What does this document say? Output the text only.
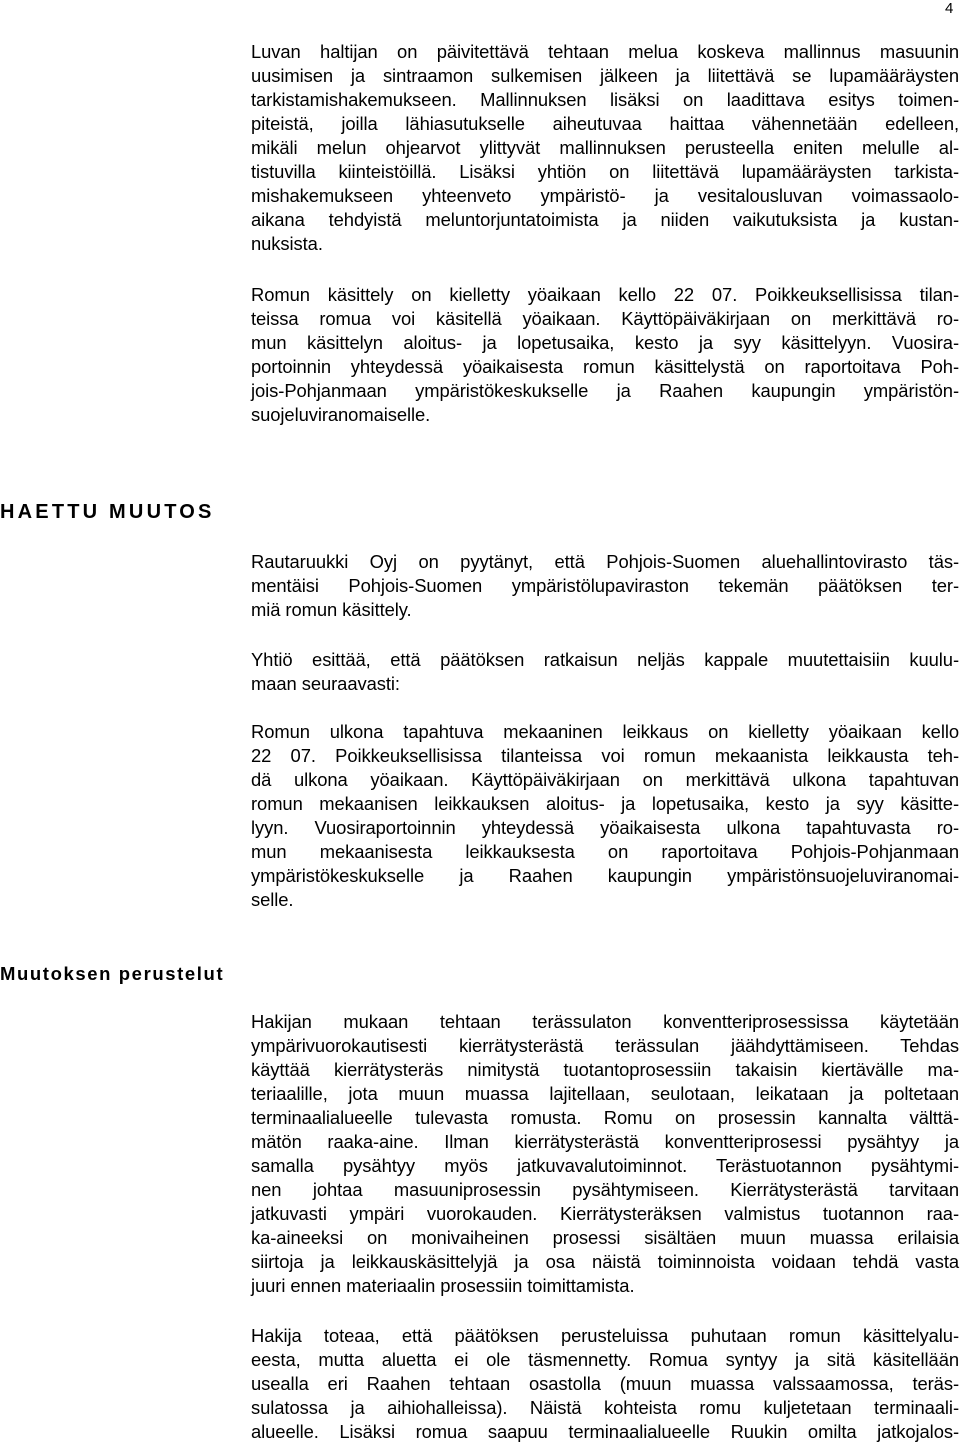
4
Luvan haltijan on päivitettävä tehtaan melua koskeva mallinnus masuunin
uusimisen ja sintraamon sulkemisen jälkeen ja liitettävä se lupamääräysten
tarkistamishakemukseen. Mallinnuksen lisäksi on laadittava esitys toimen-
piteistä, joilla lähiasutukselle aiheutuvaa haittaa vähennetään edelleen,
mikäli melun ohjearvot ylittyvät mallinnuksen perusteella eniten melulle al-
tistuvilla kiinteistöillä. Lisäksi yhtiön on liitettävä lupamääräysten tarkista-
mishakemukseen yhteenveto ympäristö- ja vesitalousluvan voimassaolo-
aikana tehdyistä meluntorjuntatoimista ja niiden vaikutuksista ja kustan-
nuksista.
Romun käsittely on kielletty yöaikaan kello 22 07. Poikkeuksellisissa tilan-
teissa romua voi käsitellä yöaikaan. Käyttöpäiväkirjaan on merkittävä ro-
mun käsittelyn aloitus- ja lopetusaika, kesto ja syy käsittelyyn. Vuosira-
portoinnin yhteydessä yöaikaisesta romun käsittelystä on raportoitava Poh-
jois-Pohjanmaan ympäristökeskukselle ja Raahen kaupungin ympäristön-
suojeluviranomaiselle.
HAETTU MUUTOS
Rautaruukki Oyj on pyytänyt, että Pohjois-Suomen aluehallintovirasto täs-
mentäisi Pohjois-Suomen ympäristölupaviraston tekemän päätöksen ter-
miä romun käsittely.
Yhtiö esittää, että päätöksen ratkaisun neljäs kappale muutettaisiin kuulu-
maan seuraavasti:
Romun ulkona tapahtuva mekaaninen leikkaus on kielletty yöaikaan kello
22 07. Poikkeuksellisissa tilanteissa voi romun mekaanista leikkausta teh-
dä ulkona yöaikaan. Käyttöpäiväkirjaan on merkittävä ulkona tapahtuvan
romun mekaanisen leikkauksen aloitus- ja lopetusaika, kesto ja syy käsitte-
lyyn. Vuosiraportoinnin yhteydessä yöaikaisesta ulkona tapahtuvasta ro-
mun mekaanisesta leikkauksesta on raportoitava Pohjois-Pohjanmaan
ympäristökeskukselle ja Raahen kaupungin ympäristönsuojeluviranomai-
selle.
Muutoksen perustelut
Hakijan mukaan tehtaan terässulaton konventteriprosessissa käytetään
ympärivuorokautisesti kierrätysterästä terässulan jäähdyttämiseen. Tehdas
käyttää kierrätysteräs nimitystä tuotantoprosessiin takaisin kiertävälle ma-
teriaalille, jota muun muassa lajitellaan, seulotaan, leikataan ja poltetaan
terminaalialueelle tulevasta romusta. Romu on prosessin kannalta välttä-
mätön raaka-aine. Ilman kierrätysterästä konventteriprosessi pysähtyy ja
samalla pysähtyy myös jatkuvavalutoiminnot. Terästuotannon pysähtymi-
nen johtaa masuuniprosessin pysähtymiseen. Kierrätysterästä tarvitaan
jatkuvasti ympäri vuorokauden. Kierrätysteräksen valmistus tuotannon raa-
ka-aineeksi on monivaiheinen prosessi sisältäen muun muassa erilaisia
siirtoja ja leikkauskäsittelyjä ja osa näistä toiminnoista voidaan tehdä vasta
juuri ennen materiaalin prosessiin toimittamista.
Hakija toteaa, että päätöksen perusteluissa puhutaan romun käsittelyalu-
eesta, mutta aluetta ei ole täsmennetty. Romua syntyy ja sitä käsitellään
usealla eri Raahen tehtaan osastolla (muun muassa valssaamossa, teräs-
sulatossa ja aihiohalleissa). Näistä kohteista romu kuljetetaan terminaali-
alueelle. Lisäksi romua saapuu terminaalialueelle Ruukin omilta jatkojalos-
